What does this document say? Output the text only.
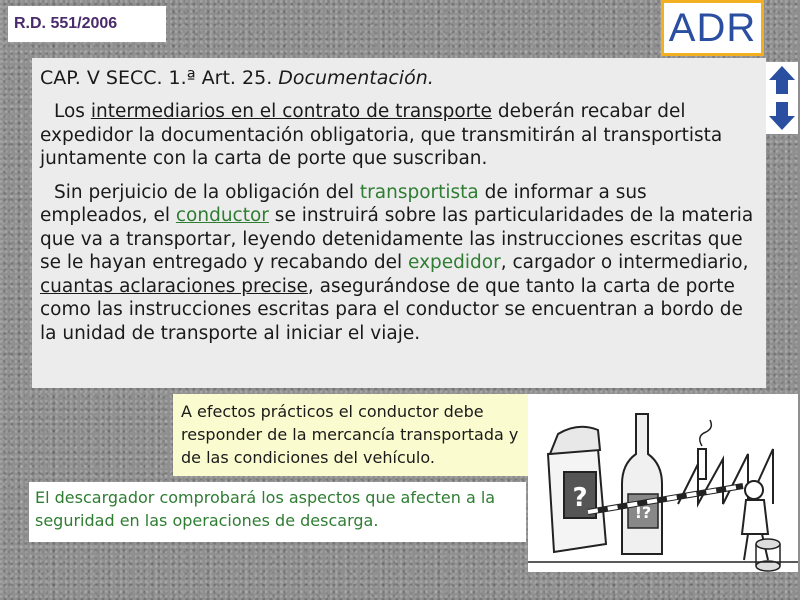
R.D. 551/2006	ADR
CAP. V SECC. 1.ª Art. 25. Documentación.

Los intermediarios en el contrato de transporte deberán recabar del expedidor la documentación obligatoria, que transmitirán al transportista juntamente con la carta de porte que suscriban.

Sin perjuicio de la obligación del transportista de informar a sus empleados, el conductor se instruirá sobre las particularidades de la materia que va a transportar, leyendo detenidamente las instrucciones escritas que se le hayan entregado y recabando del expedidor, cargador o intermediario, cuantas aclaraciones precise, asegurándose de que tanto la carta de porte como las instrucciones escritas para el conductor se encuentran a bordo de la unidad de transporte al iniciar el viaje.

A efectos prácticos el conductor debe responder de la mercancía transportada y de las condiciones del vehículo.
El descargador comprobará los aspectos que afecten a la seguridad en las operaciones de descarga.
?	!?
